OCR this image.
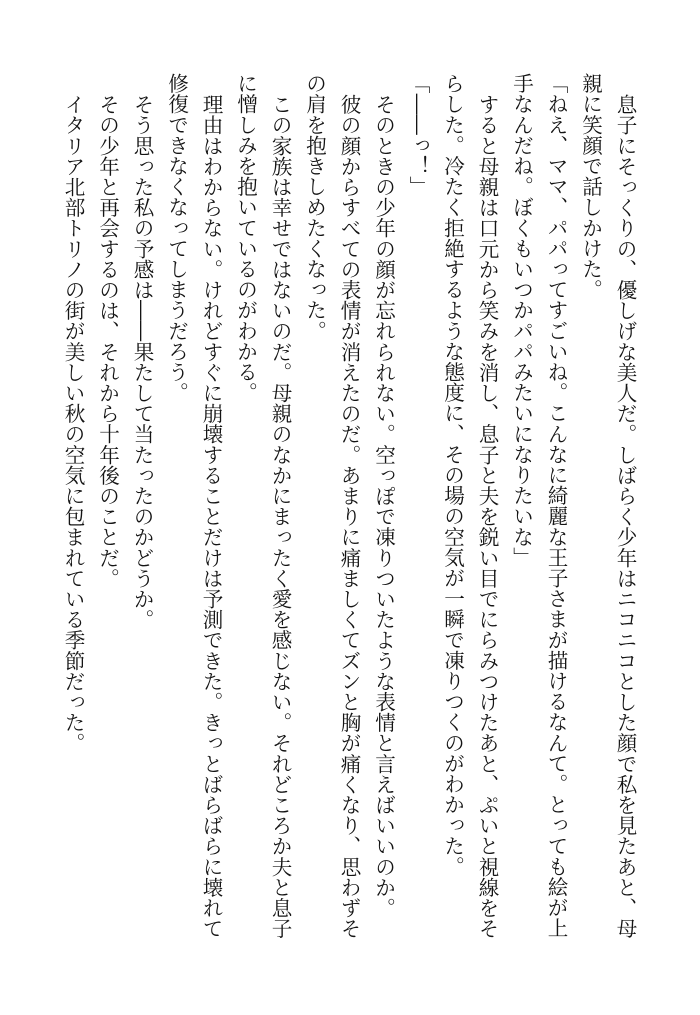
息子にそっくりの、優しげな美人だ。しばらく少年はニコニコとした顔で私を見たあと、母
親に笑顔で話しかけた。
「ねえ、ママ、パパってすごいね。こんなに綺麗な王子さまが描けるなんて。とっても絵が上
手なんだね。ぼくもいつかパパみたいになりたいな」
すると母親は口元から笑みを消し、息子と夫を鋭い目でにらみつけたあと、ぷいと視線をそ
らした。冷たく拒絶するような態度に、その場の空気が一瞬で凍りつくのがわかった。
「――っ！」
そのときの少年の顔が忘れられない。空っぽで凍りついたような表情と言えばいいのか。
彼の顔からすべての表情が消えたのだ。あまりに痛ましくてズンと胸が痛くなり、思わずそ
の肩を抱きしめたくなった。
この家族は幸せではないのだ。母親のなかにまったく愛を感じない。それどころか夫と息子
に憎しみを抱いているのがわかる。
理由はわからない。けれどすぐに崩壊することだけは予測できた。きっとばらばらに壊れて
修復できなくなってしまうだろう。
そう思った私の予感は――果たして当たったのかどうか。
その少年と再会するのは、それから十年後のことだ。
イタリア北部トリノの街が美しい秋の空気に包まれている季節だった。
